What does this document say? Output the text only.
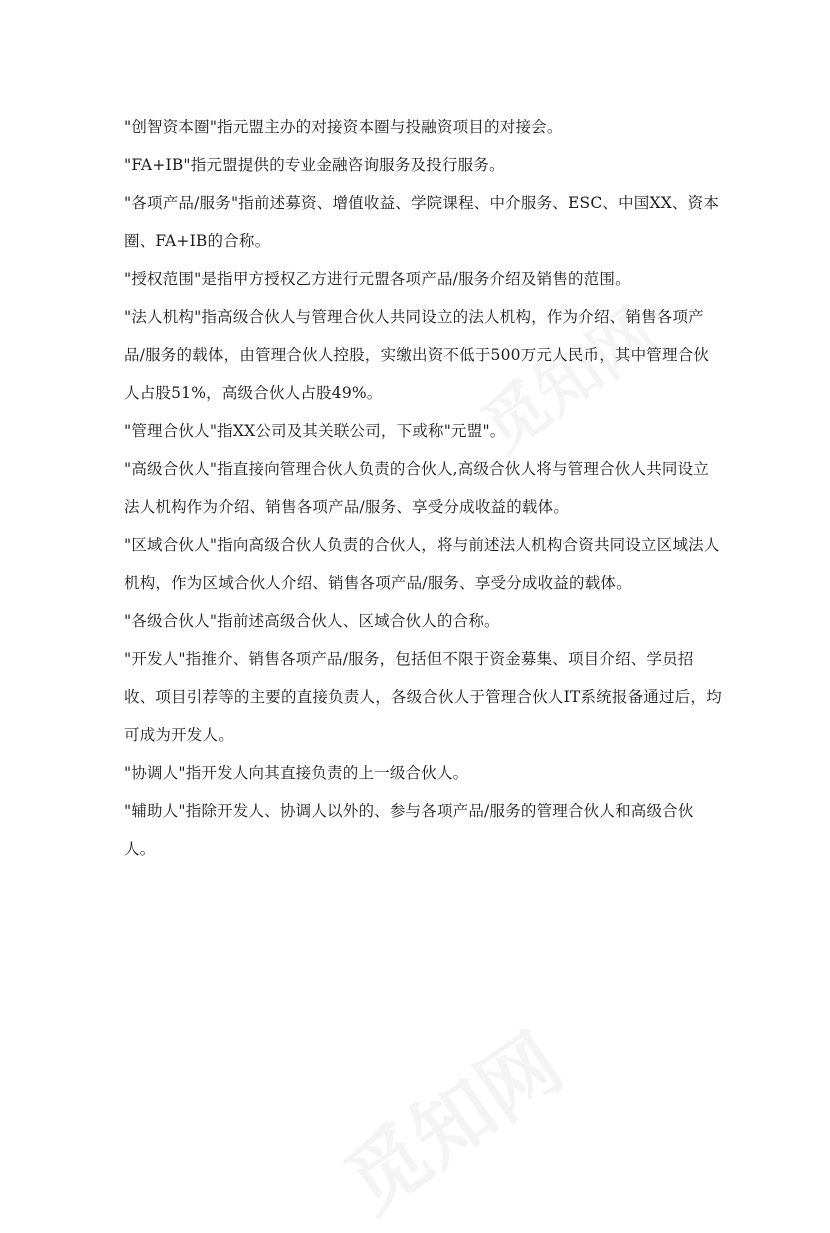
"创智资本圈"指元盟主办的对接资本圈与投融资项目的对接会。

"FA+IB"指元盟提供的专业金融咨询服务及投行服务。

"各项产品/服务"指前述募资、增值收益、学院课程、中介服务、ESC、中国XX、资本圈、FA+IB的合称。

"授权范围"是指甲方授权乙方进行元盟各项产品/服务介绍及销售的范围。

"法人机构"指高级合伙人与管理合伙人共同设立的法人机构，作为介绍、销售各项产品/服务的载体，由管理合伙人控股，实缴出资不低于500万元人民币，其中管理合伙人占股51%，高级合伙人占股49%。

"管理合伙人"指XX公司及其关联公司，下或称"元盟"。

"高级合伙人"指直接向管理合伙人负责的合伙人,高级合伙人将与管理合伙人共同设立法人机构作为介绍、销售各项产品/服务、享受分成收益的载体。

"区域合伙人"指向高级合伙人负责的合伙人，将与前述法人机构合资共同设立区域法人机构，作为区域合伙人介绍、销售各项产品/服务、享受分成收益的载体。

"各级合伙人"指前述高级合伙人、区域合伙人的合称。

"开发人"指推介、销售各项产品/服务，包括但不限于资金募集、项目介绍、学员招收、项目引荐等的主要的直接负责人，各级合伙人于管理合伙人IT系统报备通过后，均可成为开发人。

"协调人"指开发人向其直接负责的上一级合伙人。

"辅助人"指除开发人、协调人以外的、参与各项产品/服务的管理合伙人和高级合伙人。
